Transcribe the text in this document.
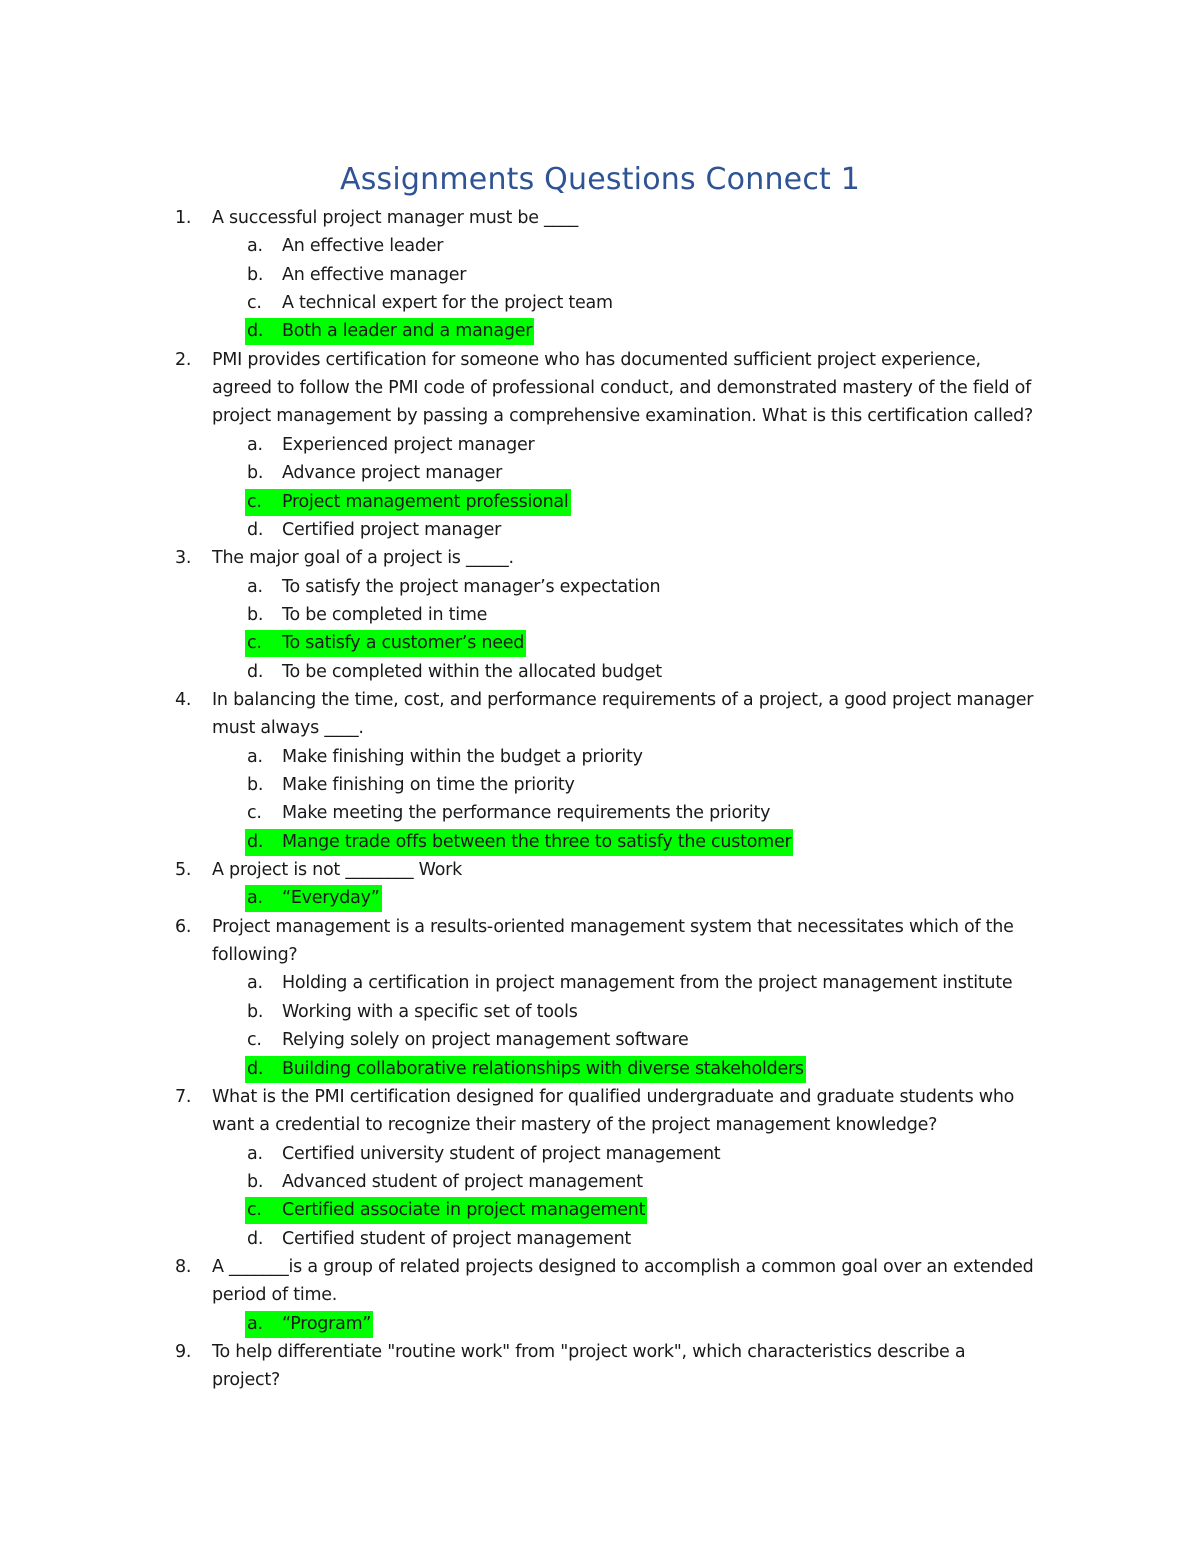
Assignments Questions Connect 1
1.	A successful project manager must be ____
a. An effective leader
b. An effective manager
c. A technical expert for the project team
d. Both a leader and a manager
2.	PMI provides certification for someone who has documented sufficient project experience,
agreed to follow the PMI code of professional conduct, and demonstrated mastery of the field of
project management by passing a comprehensive examination. What is this certification called?
a. Experienced project manager
b. Advance project manager
c. Project management professional
d. Certified project manager
3.	The major goal of a project is _____.
a. To satisfy the project manager’s expectation
b. To be completed in time
c. To satisfy a customer’s need
d. To be completed within the allocated budget
4.	In balancing the time, cost, and performance requirements of a project, a good project manager
must always ____.
a. Make finishing within the budget a priority
b. Make finishing on time the priority
c. Make meeting the performance requirements the priority
d. Mange trade offs between the three to satisfy the customer
5.	A project is not ________ Work
a. “Everyday”
6.	Project management is a results-oriented management system that necessitates which of the
following?
a. Holding a certification in project management from the project management institute
b. Working with a specific set of tools
c. Relying solely on project management software
d. Building collaborative relationships with diverse stakeholders
7.	What is the PMI certification designed for qualified undergraduate and graduate students who
want a credential to recognize their mastery of the project management knowledge?
a. Certified university student of project management
b. Advanced student of project management
c. Certified associate in project management
d. Certified student of project management
8.	A _______is a group of related projects designed to accomplish a common goal over an extended
period of time.
a. “Program”
9.	To help differentiate "routine work" from "project work", which characteristics describe a
project?
